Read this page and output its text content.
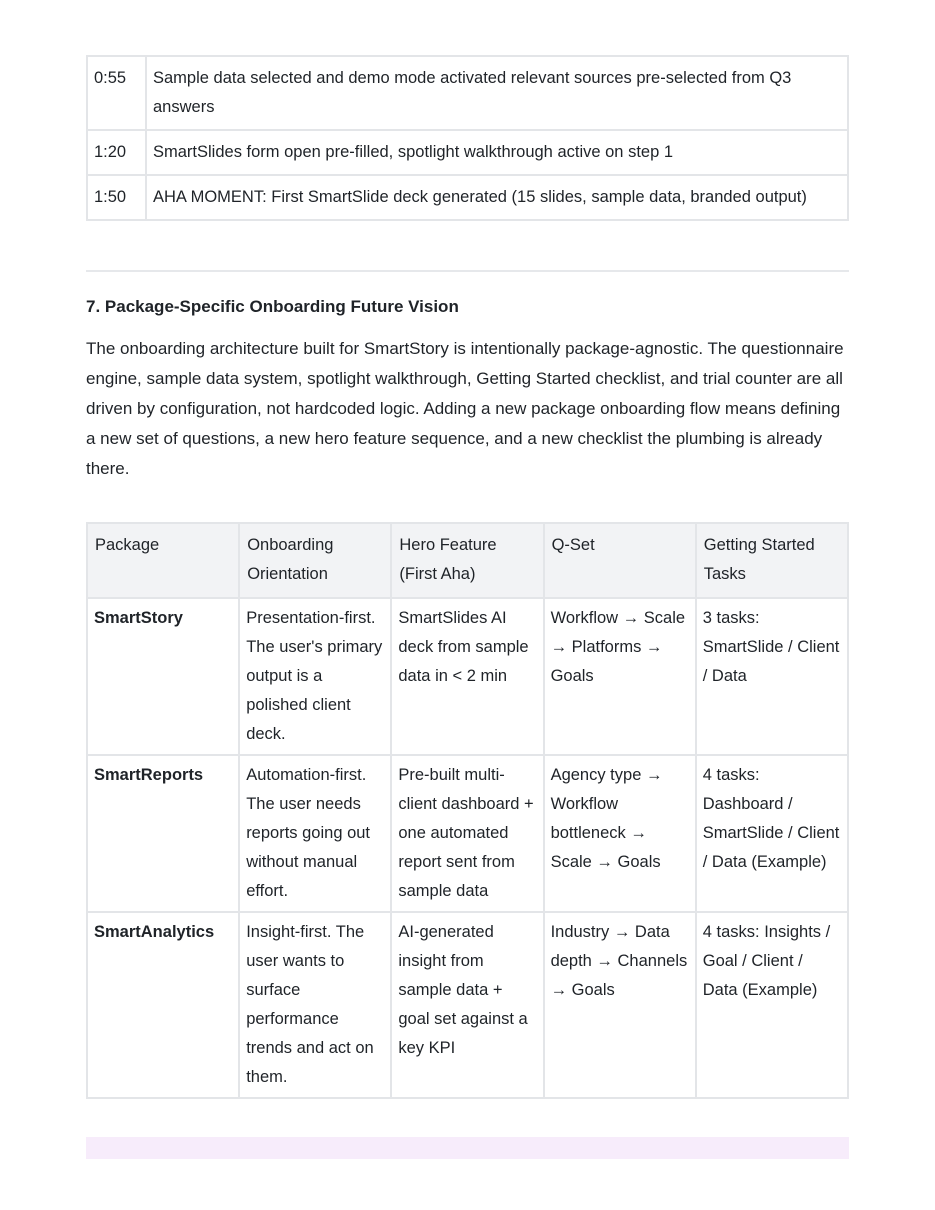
0:55	Sample data selected and demo mode activated relevant sources pre-selected from Q3 answers
1:20	SmartSlides form open pre-filled, spotlight walkthrough active on step 1
1:50	AHA MOMENT: First SmartSlide deck generated (15 slides, sample data, branded output)
7. Package-Specific Onboarding Future Vision

The onboarding architecture built for SmartStory is intentionally package-agnostic. The questionnaire engine, sample data system, spotlight walkthrough, Getting Started checklist, and trial counter are all driven by configuration, not hardcoded logic. Adding a new package onboarding flow means defining a new set of questions, a new hero feature sequence, and a new checklist the plumbing is already there.

Package	Onboarding Orientation	Hero Feature (First Aha)	Q-Set	Getting Started Tasks
SmartStory	Presentation-first. The user's primary output is a polished client deck.	SmartSlides AI deck from sample data in < 2 min	Workflow → Scale → Platforms → Goals	3 tasks: SmartSlide / Client / Data
SmartReports	Automation-first. The user needs reports going out without manual effort.	Pre-built multi-client dashboard + one automated report sent from sample data	Agency type → Workflow bottleneck → Scale → Goals	4 tasks: Dashboard / SmartSlide / Client / Data (Example)
SmartAnalytics	Insight-first. The user wants to surface performance trends and act on them.	AI-generated insight from sample data + goal set against a key KPI	Industry → Data depth → Channels → Goals	4 tasks: Insights / Goal / Client / Data (Example)
